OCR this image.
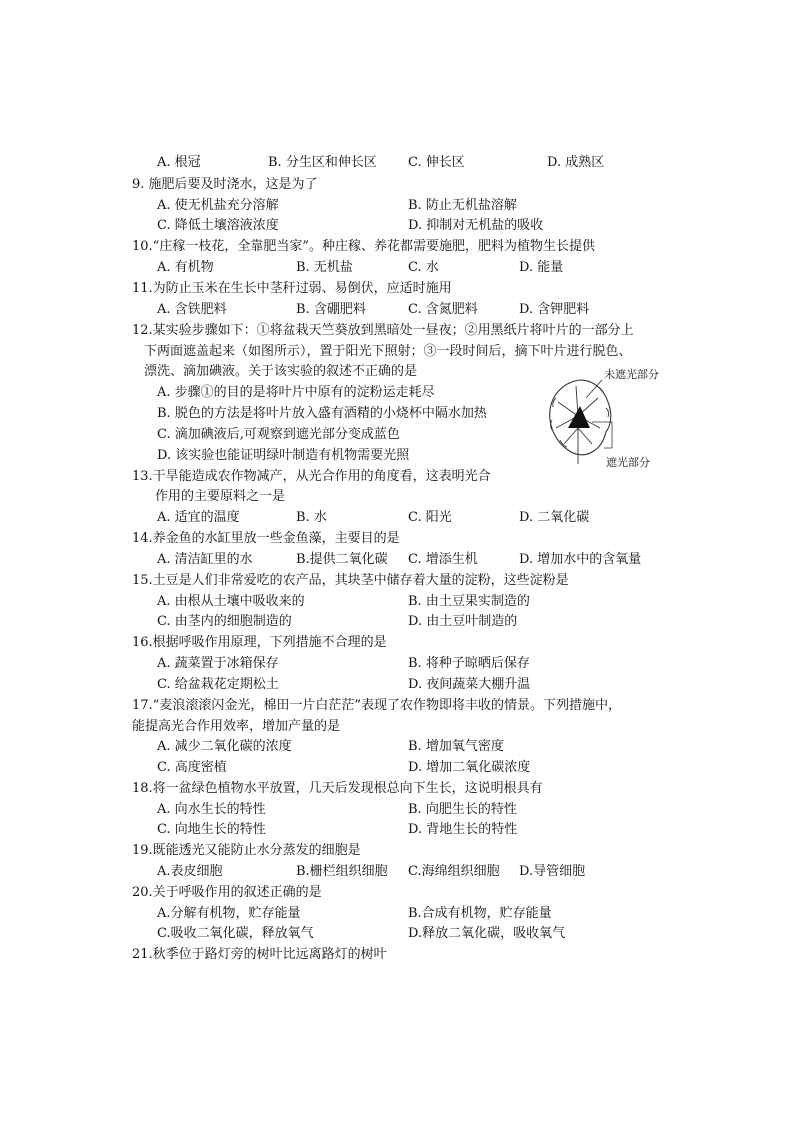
A. 根冠	B. 分生区和伸长区 C. 伸长区	D. 成熟区
9. 施肥后要及时浇水，这是为了
A. 使无机盐充分溶解	B. 防止无机盐溶解
C. 降低土壤溶液浓度	D. 抑制对无机盐的吸收
10.“庄稼一枝花，全靠肥当家”。种庄稼、养花都需要施肥，肥料为植物生长提供
A. 有机物	B. 无机盐	C. 水	D. 能量
11.为防止玉米在生长中茎秆过弱、易倒伏，应适时施用
A. 含铁肥料	B. 含硼肥料	C. 含氮肥料	D. 含钾肥料
12.某实验步骤如下：①将盆栽天竺葵放到黑暗处一昼夜；②用黑纸片将叶片的一部分上
下两面遮盖起来（如图所示），置于阳光下照射；③一段时间后，摘下叶片进行脱色、
漂洗、滴加碘液。关于该实验的叙述不正确的是
A. 步骤①的目的是将叶片中原有的淀粉运走耗尽
B. 脱色的方法是将叶片放入盛有酒精的小烧杯中隔水加热
C. 滴加碘液后,可观察到遮光部分变成蓝色
D. 该实验也能证明绿叶制造有机物需要光照
未遮光部分
遮光部分
13.干旱能造成农作物减产，从光合作用的角度看，这表明光合
作用的主要原料之一是
A. 适宜的温度	B. 水	C. 阳光	D. 二氧化碳
14.养金鱼的水缸里放一些金鱼藻，主要目的是
A. 清洁缸里的水	B.提供二氧化碳 C. 增添生机	D. 增加水中的含氧量
15.土豆是人们非常爱吃的农产品，其块茎中储存着大量的淀粉，这些淀粉是
A. 由根从土壤中吸收来的	B. 由土豆果实制造的
C. 由茎内的细胞制造的	D. 由土豆叶制造的
16.根据呼吸作用原理，下列措施不合理的是
A. 蔬菜置于冰箱保存	B. 将种子晾晒后保存
C. 给盆栽花定期松土	D. 夜间蔬菜大棚升温
17.“麦浪滚滚闪金光，棉田一片白茫茫”表现了农作物即将丰收的情景。下列措施中，
能提高光合作用效率，增加产量的是
A. 减少二氧化碳的浓度	B. 增加氧气密度
C. 高度密植	D. 增加二氧化碳浓度
18.将一盆绿色植物水平放置，几天后发现根总向下生长，这说明根具有
A. 向水生长的特性	B. 向肥生长的特性
C. 向地生长的特性	D. 背地生长的特性
19.既能透光又能防止水分蒸发的细胞是
A.表皮细胞	B.栅栏组织细胞 C.海绵组织细胞 D.导管细胞
20.关于呼吸作用的叙述正确的是
A.分解有机物，贮存能量	B.合成有机物，贮存能量
C.吸收二氧化碳，释放氧气	D.释放二氧化碳，吸收氧气
21.秋季位于路灯旁的树叶比远离路灯的树叶
